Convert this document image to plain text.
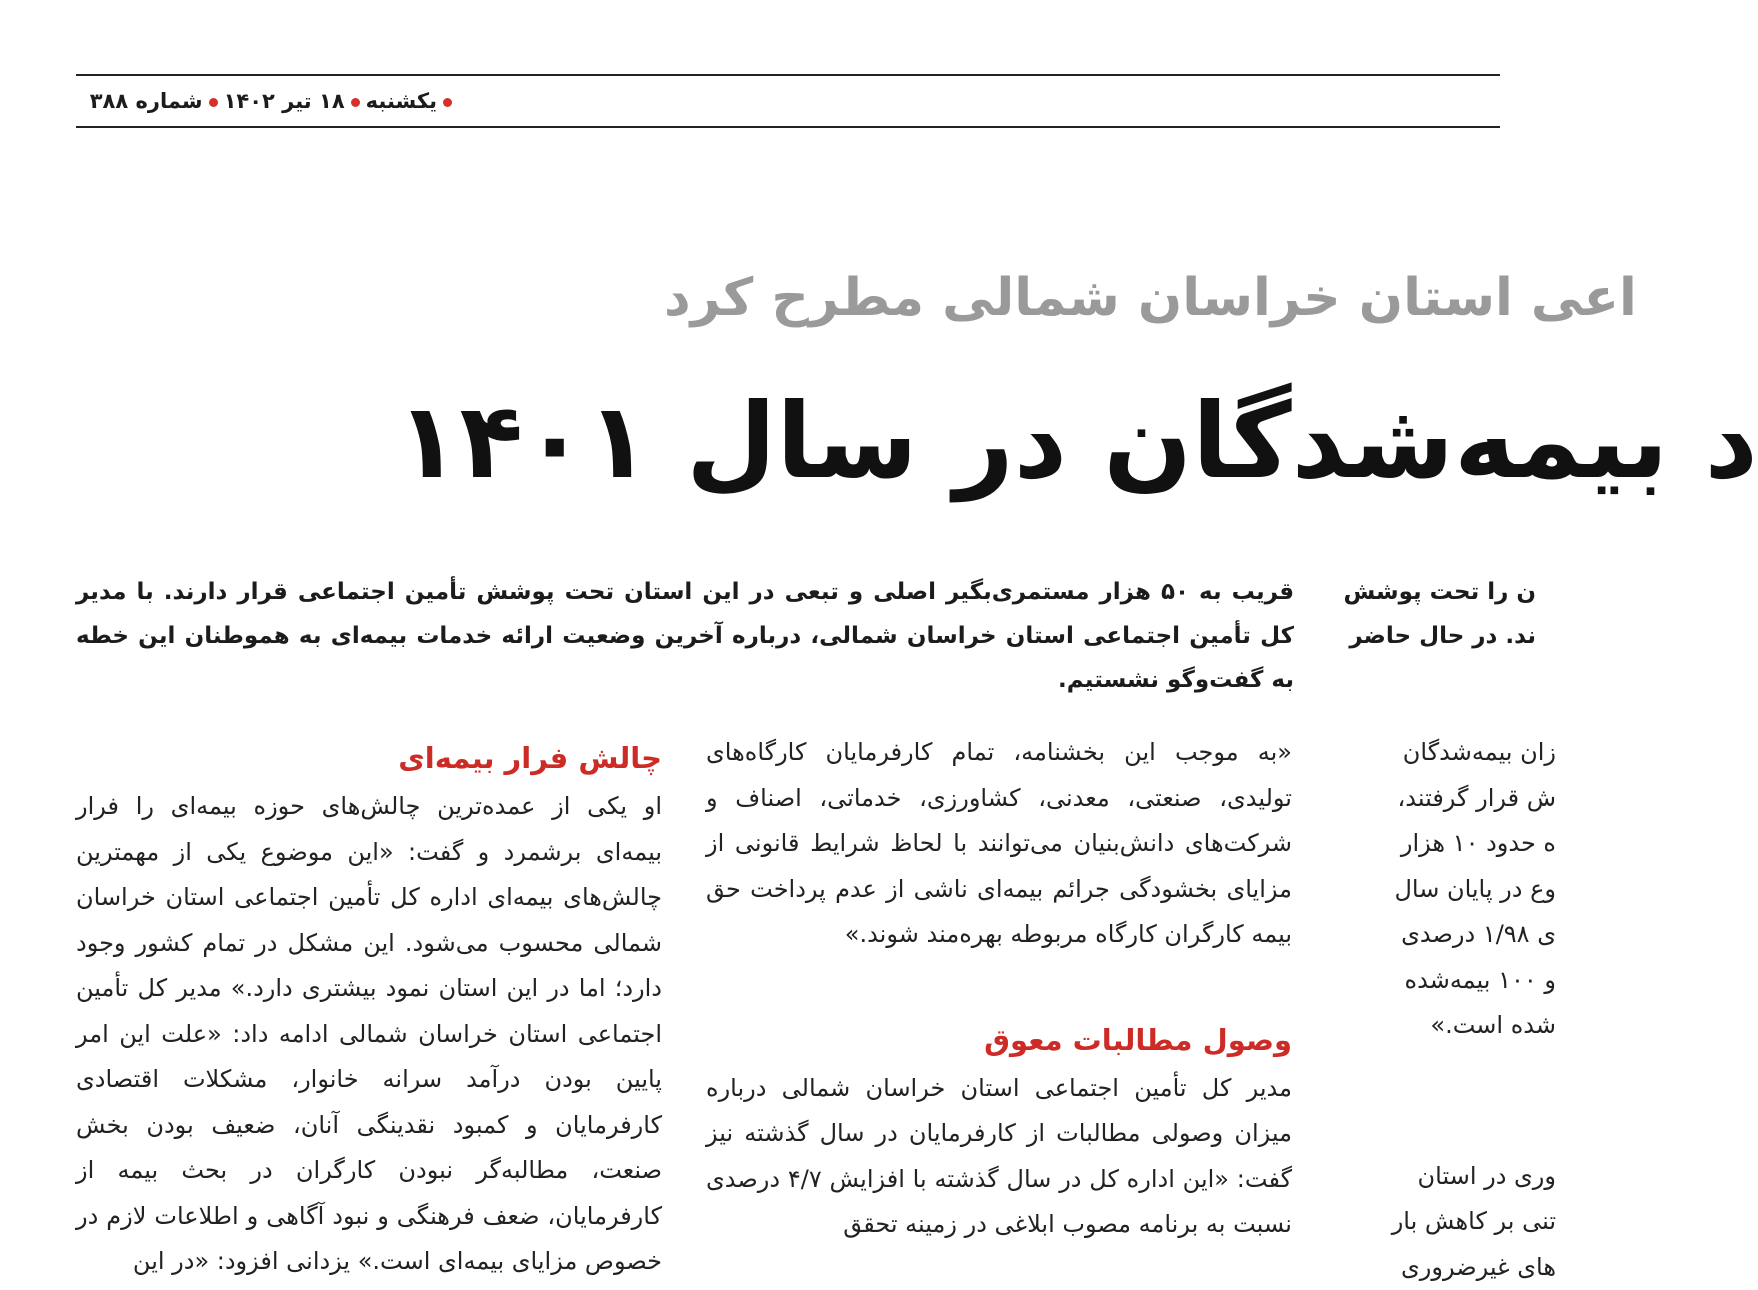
یکشنبه۱۸ تیر ۱۴۰۲شماره ۳۸۸
اعی استان خراسان شمالی مطرح کرد
د بیمه‌شدگان در سال ۱۴۰۱
قریب به ۵۰ هزار مستمری‌بگیر اصلی و تبعی در این استان تحت پوشش تأمین اجتماعی قرار دارند. با مدیر کل تأمین اجتماعی استان خراسان شمالی، درباره آخرین وضعیت ارائه خدمات بیمه‌ای به هموطنان این خطه به گفت‌وگو نشستیم.
ن را تحت پوشش
ند. در حال حاضر
چالش فرار بیمه‌ای

او یکی از عمده‌ترین چالش‌های حوزه بیمه‌ای را فرار بیمه‌ای برشمرد و گفت: «این موضوع یکی از مهمترین چالش‌های بیمه‌ای اداره کل تأمین اجتماعی استان خراسان شمالی محسوب می‌شود. این مشکل در تمام کشور وجود دارد؛ اما در این استان نمود بیشتری دارد.» مدیر کل تأمین اجتماعی استان خراسان شمالی ادامه داد: «علت این امر پایین بودن درآمد سرانه خانوار، مشکلات اقتصادی کارفرمایان و کمبود نقدینگی آنان، ضعیف بودن بخش صنعت، مطالبه‌گر نبودن کارگران در بحث بیمه از کارفرمایان، ضعف فرهنگی و نبود آگاهی و اطلاعات لازم در خصوص مزایای بیمه‌ای است.» یزدانی افزود: «در این

«به موجب این بخشنامه، تمام کارفرمایان کارگاه‌های تولیدی، صنعتی، معدنی، کشاورزی، خدماتی، اصناف و شرکت‌های دانش‌بنیان می‌توانند با لحاظ شرایط قانونی از مزایای بخشودگی جرائم بیمه‌ای ناشی از عدم پرداخت حق بیمه کارگران کارگاه مربوطه بهره‌مند شوند.»

وصول مطالبات معوق

مدیر کل تأمین اجتماعی استان خراسان شمالی درباره میزان وصولی مطالبات از کارفرمایان در سال گذشته نیز گفت: «این اداره کل در سال گذشته با افزایش ۴/۷ درصدی نسبت به برنامه مصوب ابلاغی در زمینه تحقق

زان بیمه‌شدگان
ش قرار گرفتند،
ه حدود ۱۰ هزار
وع در پایان سال
ی ۱/۹۸ درصدی
و ۱۰۰ بیمه‌شده
شده است.»
وری در استان
تنی بر کاهش بار
های غیرضروری
